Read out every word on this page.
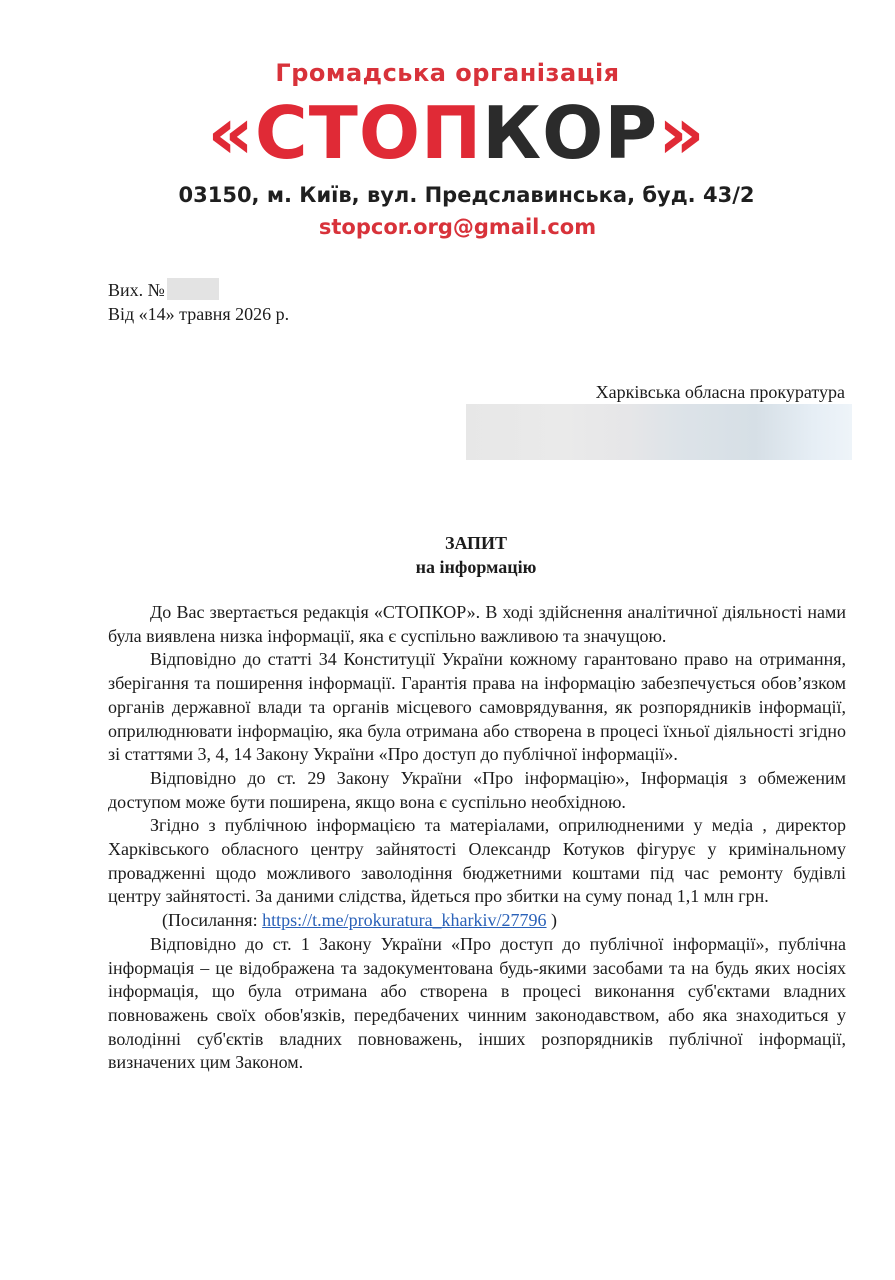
Громадська організація
«СТОПКОР»
03150, м. Київ, вул. Предславинська, буд. 43/2
stopcor.org@gmail.com
Вих. №
Від «14» травня 2026 р.
Харківська обласна прокуратура
ЗАПИТ
на інформацію

До Вас звертається редакція «СТОПКОР». В ході здійснення аналітичної діяльності нами була виявлена низка інформації, яка є суспільно важливою та значущою.

Відповідно до статті 34 Конституції України кожному гарантовано право на отримання, зберігання та поширення інформації. Гарантія права на інформацію забезпечується обов’язком органів державної влади та органів місцевого самоврядування, як розпорядників інформації, оприлюднювати інформацію, яка була отримана або створена в процесі їхньої діяльності згідно зі статтями 3, 4, 14 Закону України «Про доступ до публічної інформації».

Відповідно до ст. 29 Закону України «Про інформацію», Інформація з обмеженим доступом може бути поширена, якщо вона є суспільно необхідною.

Згідно з публічною інформацією та матеріалами, оприлюдненими у медіа , директор Харківського обласного центру зайнятості Олександр Котуков фігурує у кримінальному провадженні щодо можливого заволодіння бюджетними коштами під час ремонту будівлі центру зайнятості. За даними слідства, йдеться про збитки на суму понад 1,1 млн грн.

(Посилання: https://t.me/prokuratura_kharkiv/27796 )

Відповідно до ст. 1 Закону України «Про доступ до публічної інформації», публічна інформація – це відображена та задокументована будь-якими засобами та на будь яких носіях інформація, що була отримана або створена в процесі виконання суб'єктами владних повноважень своїх обов'язків, передбачених чинним законодавством, або яка знаходиться у володінні суб'єктів владних повноважень, інших розпорядників публічної інформації, визначених цим Законом.
